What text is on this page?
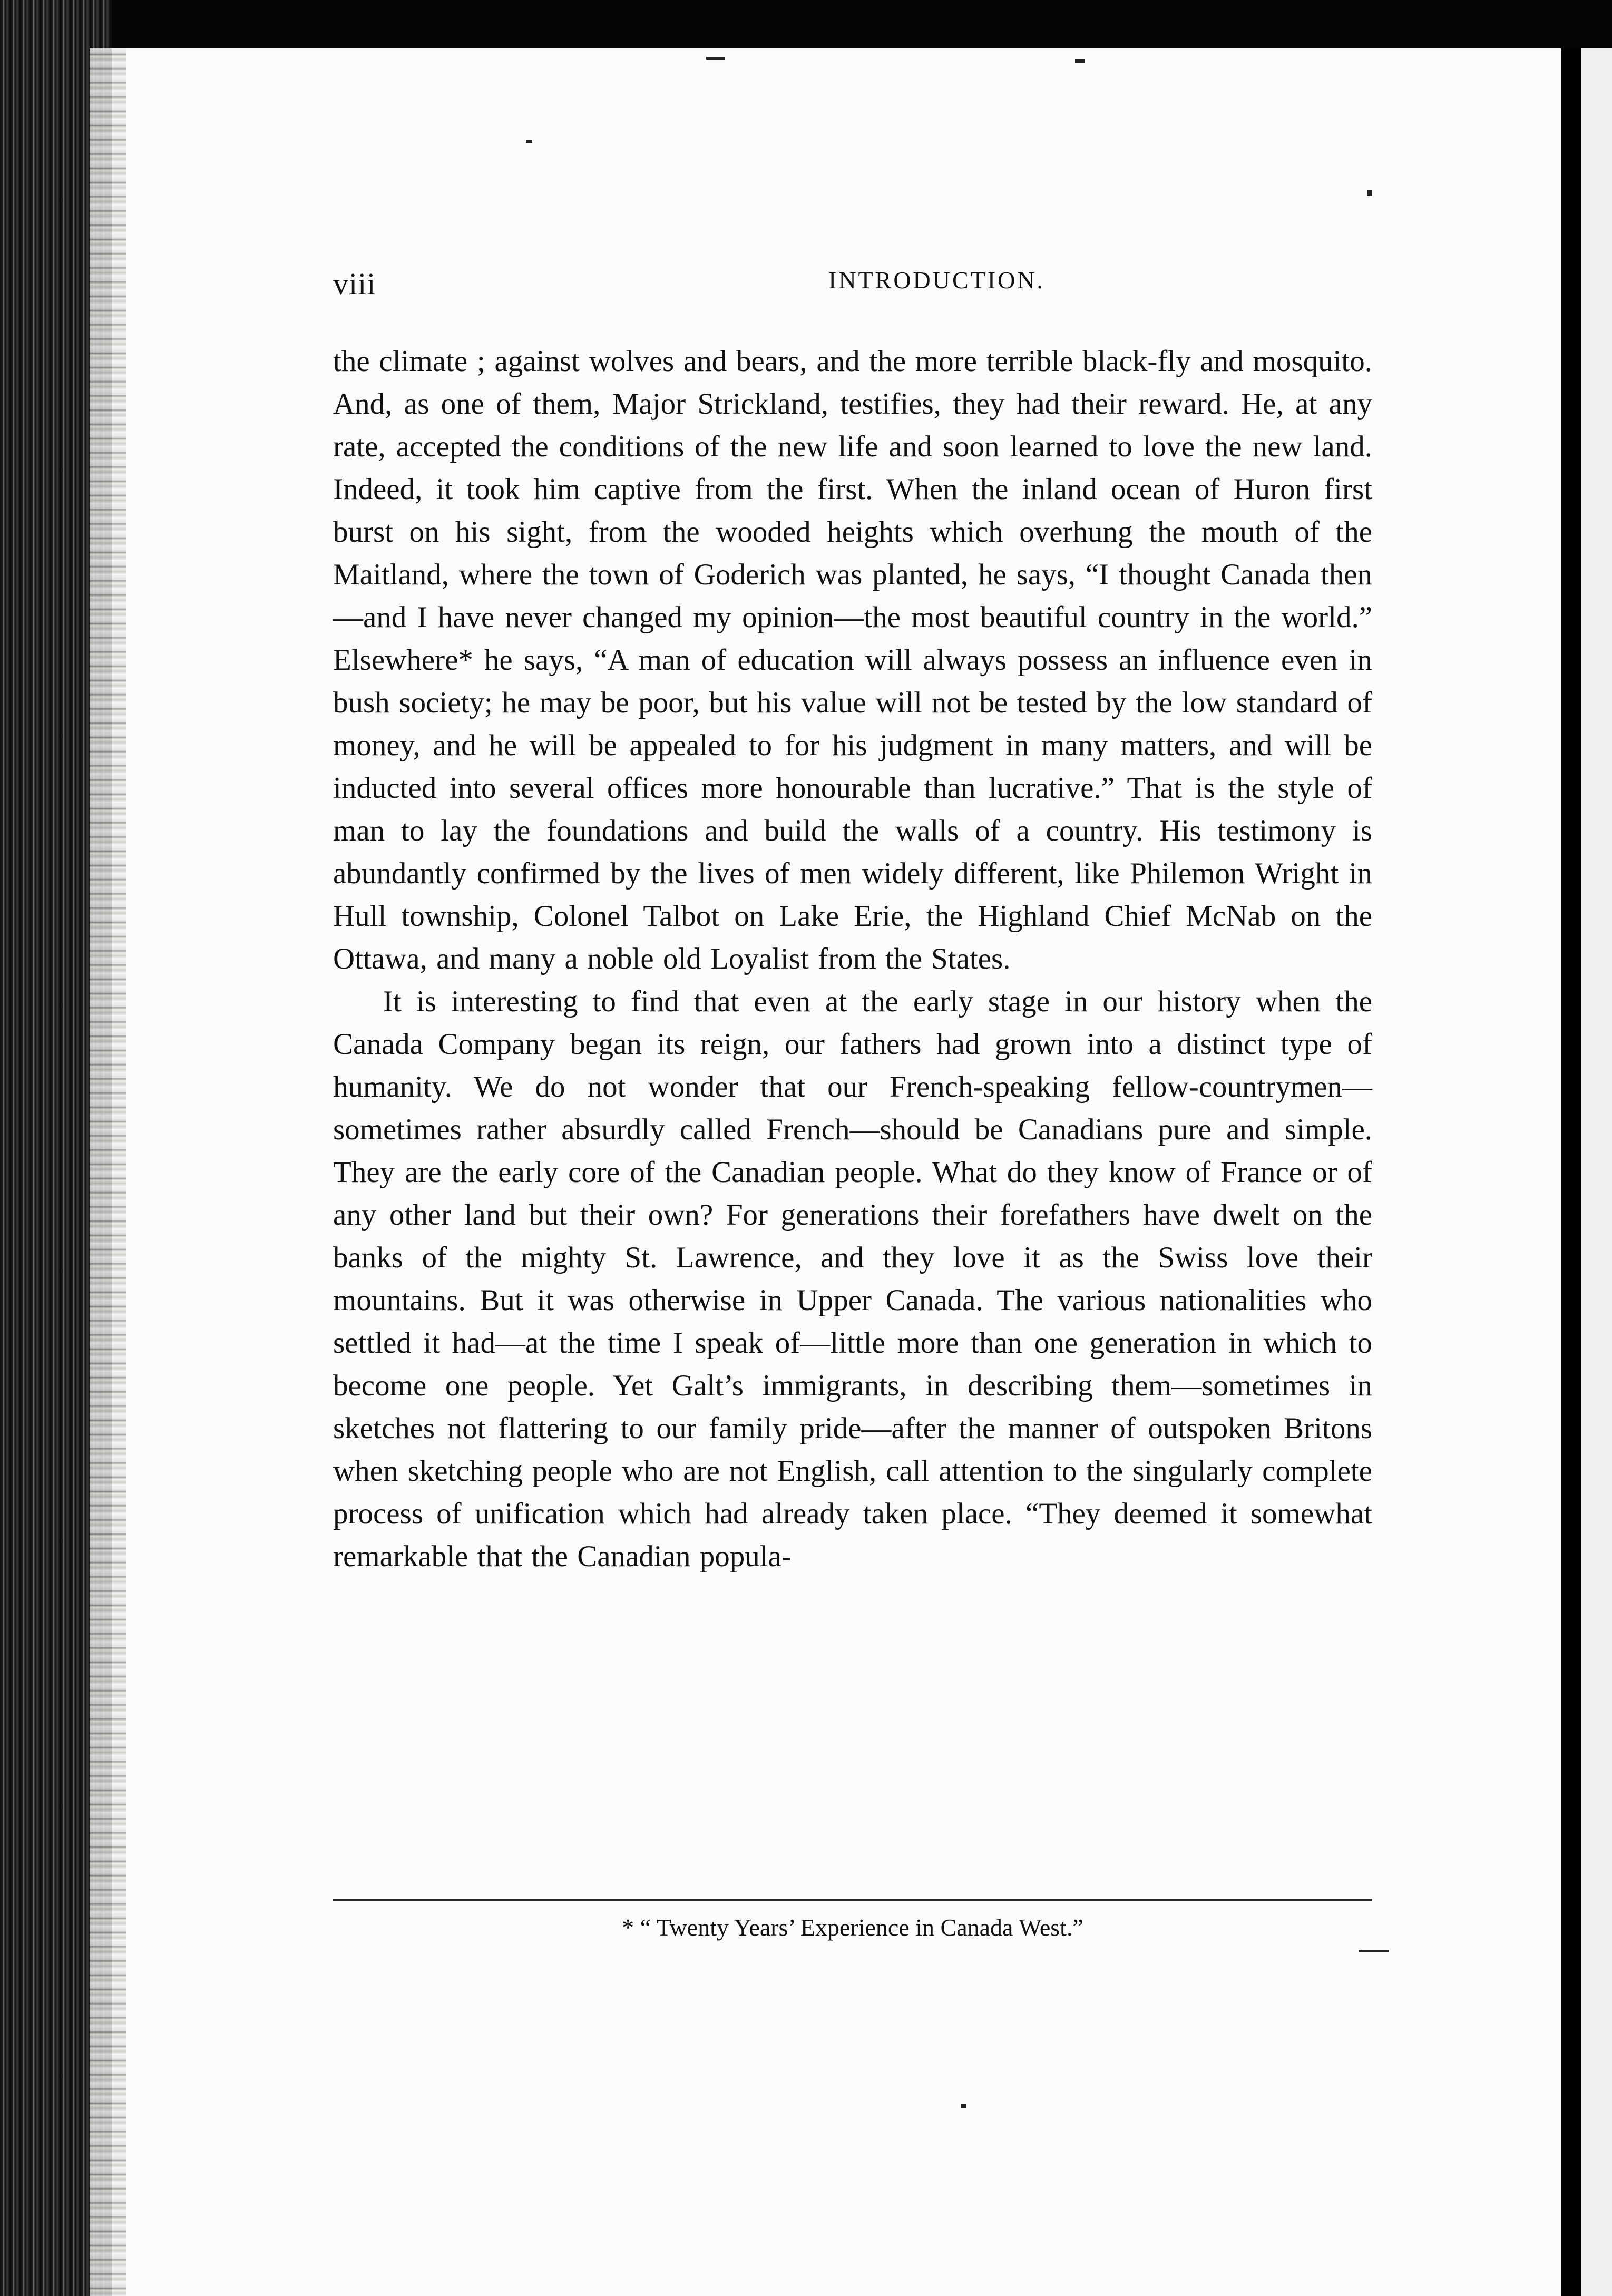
viii	INTRODUCTION.

the climate ; against wolves and bears, and the more terrible black-fly and mosquito. And, as one of them, Major Strickland, testifies, they had their reward. He, at any rate, accepted the conditions of the new life and soon learned to love the new land. Indeed, it took him captive from the first. When the inland ocean of Huron first burst on his sight, from the wooded heights which overhung the mouth of the Maitland, where the town of Goderich was planted, he says, “I thought Canada then—and I have never changed my opinion—the most beautiful country in the world.” Elsewhere* he says, “A man of education will always possess an influence even in bush society; he may be poor, but his value will not be tested by the low standard of money, and he will be appealed to for his judgment in many matters, and will be inducted into several offices more honourable than lucrative.” That is the style of man to lay the foundations and build the walls of a country. His testimony is abundantly confirmed by the lives of men widely different, like Philemon Wright in Hull township, Colonel Talbot on Lake Erie, the Highland Chief McNab on the Ottawa, and many a noble old Loyalist from the States.

It is interesting to find that even at the early stage in our history when the Canada Company began its reign, our fathers had grown into a distinct type of humanity. We do not wonder that our French-speaking fellow-countrymen—sometimes rather absurdly called French—should be Canadians pure and simple. They are the early core of the Canadian people. What do they know of France or of any other land but their own? For generations their forefathers have dwelt on the banks of the mighty St. Lawrence, and they love it as the Swiss love their mountains. But it was otherwise in Upper Canada. The various nationalities who settled it had—at the time I speak of—little more than one generation in which to become one people. Yet Galt’s immigrants, in describing them—sometimes in sketches not flattering to our family pride—after the manner of outspoken Britons when sketching people who are not English, call attention to the singularly complete process of unification which had already taken place. “They deemed it somewhat remarkable that the Canadian popula-

* “ Twenty Years’ Experience in Canada West.”
